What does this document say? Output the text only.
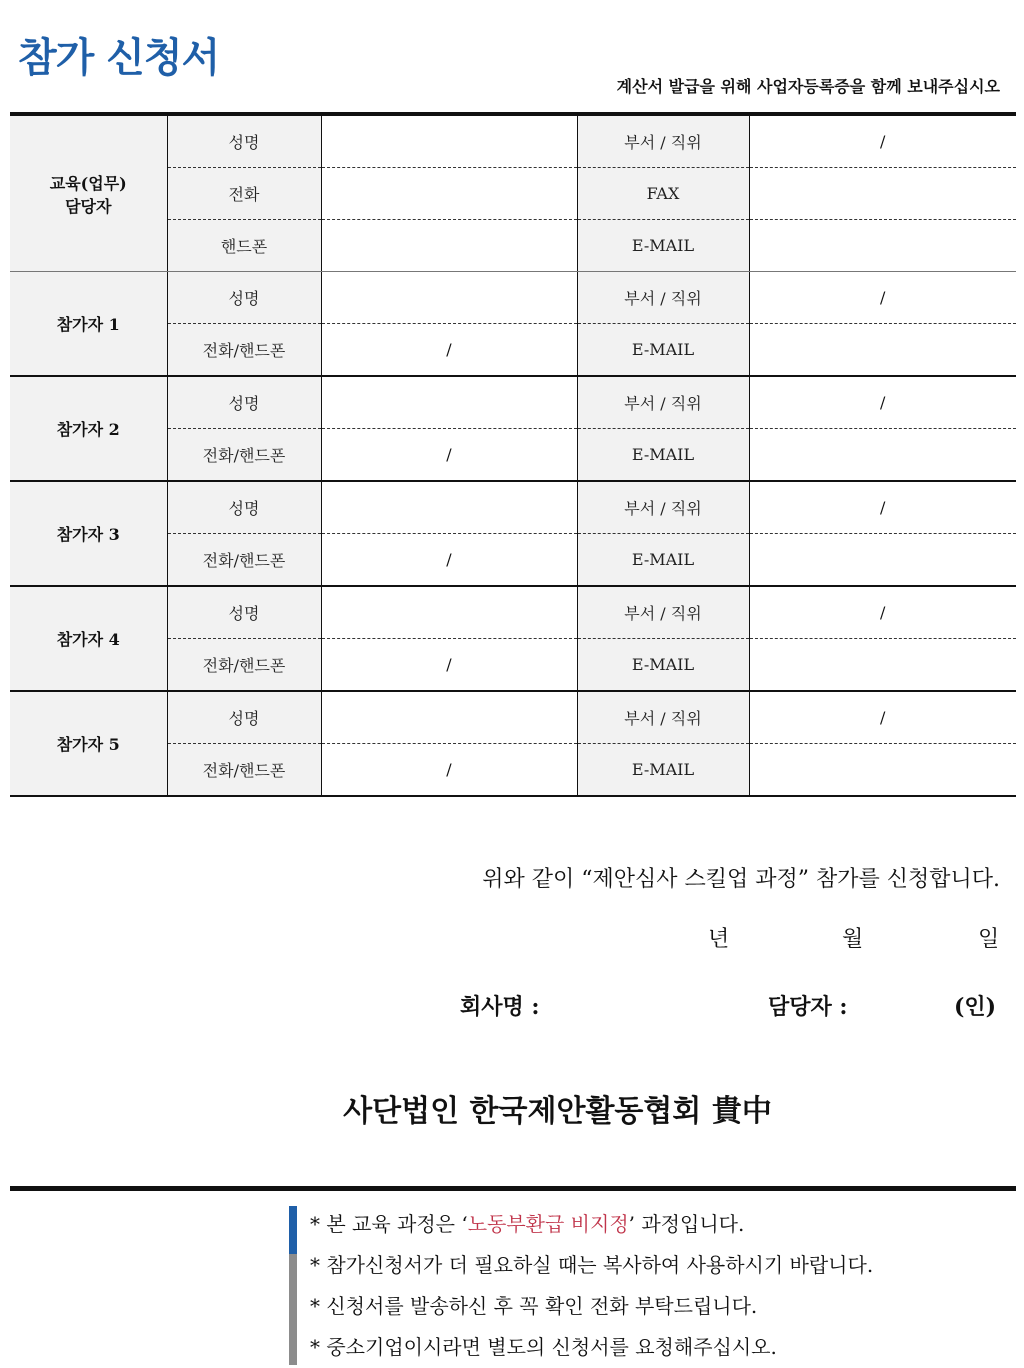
참가 신청서
계산서 발급을 위해 사업자등록증을 함께 보내주십시오
교육(업무)
담당자	성명		부서 / 직위	/
	전화		FAX	
	핸드폰		E-MAIL	
참가자 1	성명		부서 / 직위	/
	전화/핸드폰	/	E-MAIL	
참가자 2	성명		부서 / 직위	/
	전화/핸드폰	/	E-MAIL	
참가자 3	성명		부서 / 직위	/
	전화/핸드폰	/	E-MAIL	
참가자 4	성명		부서 / 직위	/
	전화/핸드폰	/	E-MAIL	
참가자 5	성명		부서 / 직위	/
	전화/핸드폰	/	E-MAIL	
위와 같이 “제안심사 스킬업 과정” 참가를 신청합니다.
년	월	일
회사명 :	담당자 :	(인)
사단법인 한국제안활동협회 貴中
* 본 교육 과정은 ‘노동부환급 비지정’ 과정입니다.
* 참가신청서가 더 필요하실 때는 복사하여 사용하시기 바랍니다.
* 신청서를 발송하신 후 꼭 확인 전화 부탁드립니다.
* 중소기업이시라면 별도의 신청서를 요청해주십시오.
